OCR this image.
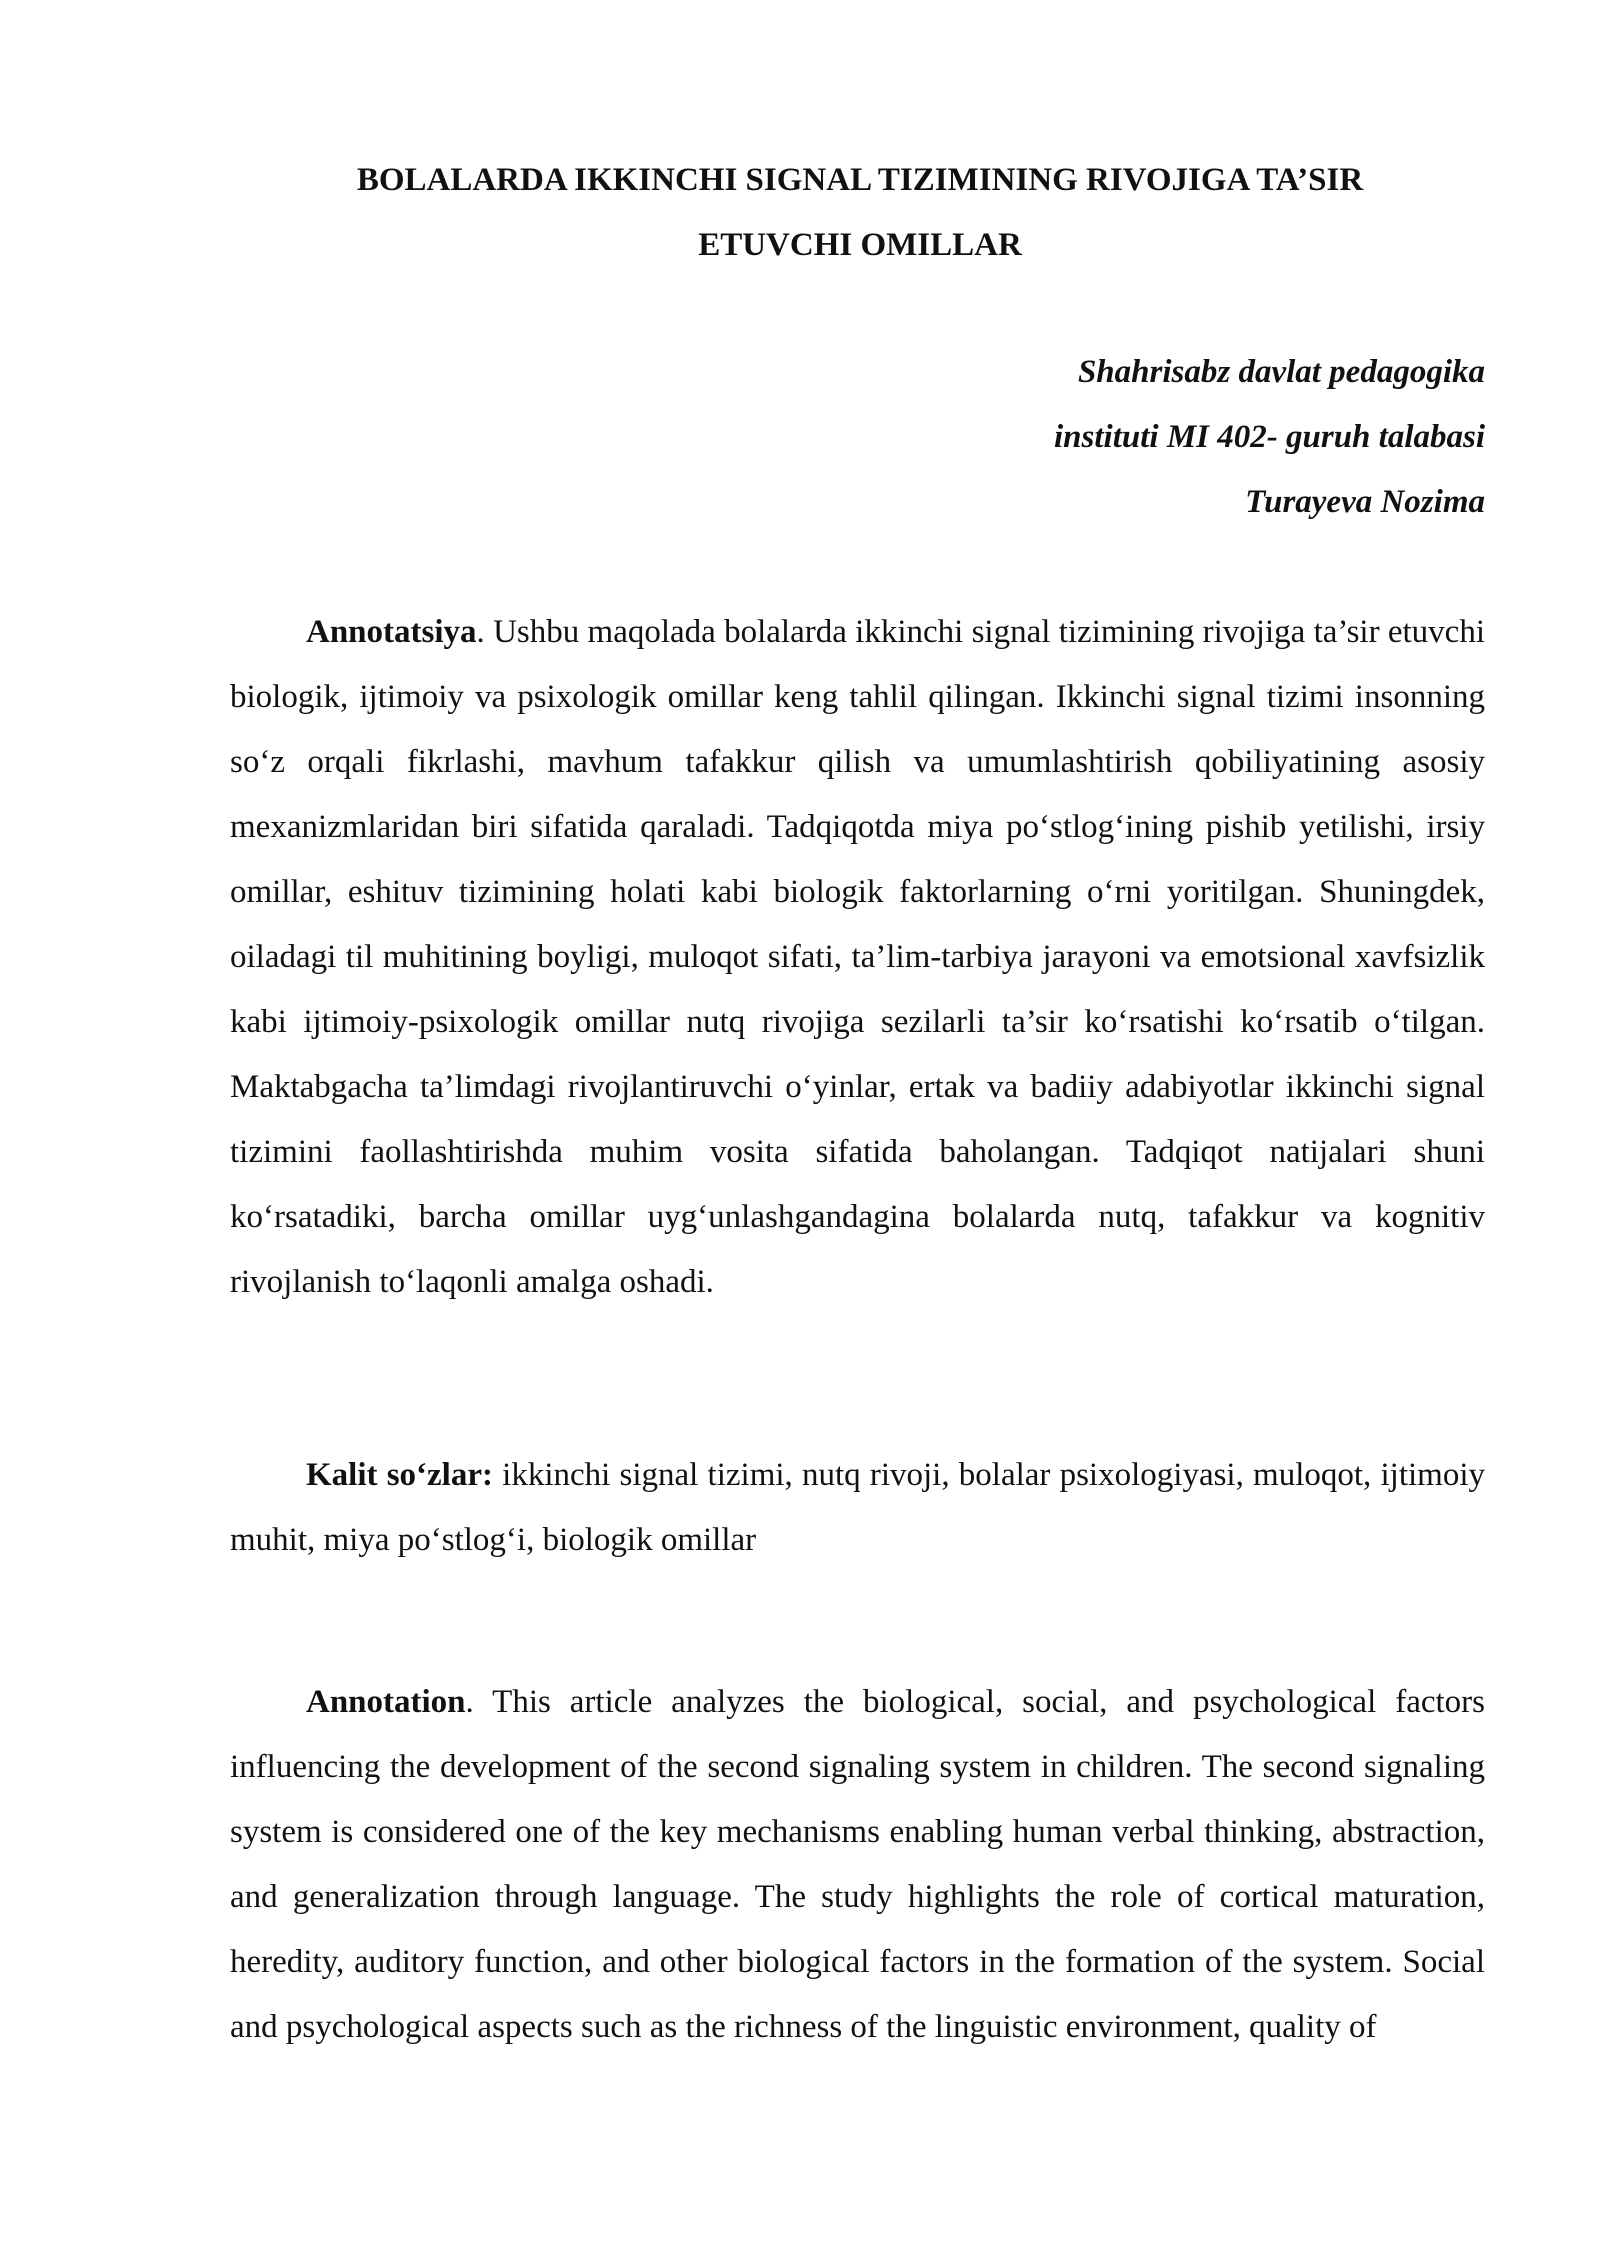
BOLALARDA IKKINCHI SIGNAL TIZIMINING RIVOJIGA TA’SIR
ETUVCHI OMILLAR
Shahrisabz davlat pedagogika
instituti MI 402- guruh talabasi
Turayeva Nozima

Annotatsiya. Ushbu maqolada bolalarda ikkinchi signal tizimining rivojiga ta’sir etuvchi biologik, ijtimoiy va psixologik omillar keng tahlil qilingan. Ikkinchi signal tizimi insonning so‘z orqali fikrlashi, mavhum tafakkur qilish va umumlashtirish qobiliyatining asosiy mexanizmlaridan biri sifatida qaraladi. Tadqiqotda miya po‘stlog‘ining pishib yetilishi, irsiy omillar, eshituv tizimining holati kabi biologik faktorlarning o‘rni yoritilgan. Shuningdek, oiladagi til muhitining boyligi, muloqot sifati, ta’lim-tarbiya jarayoni va emotsional xavfsizlik kabi ijtimoiy-psixologik omillar nutq rivojiga sezilarli ta’sir ko‘rsatishi ko‘rsatib o‘tilgan. Maktabgacha ta’limdagi rivojlantiruvchi o‘yinlar, ertak va badiiy adabiyotlar ikkinchi signal tizimini faollashtirishda muhim vosita sifatida baholangan. Tadqiqot natijalari shuni ko‘rsatadiki, barcha omillar uyg‘unlashgandagina bolalarda nutq, tafakkur va kognitiv rivojlanish to‘laqonli amalga oshadi.

Kalit so‘zlar: ikkinchi signal tizimi, nutq rivoji, bolalar psixologiyasi, muloqot, ijtimoiy muhit, miya po‘stlog‘i, biologik omillar

Annotation. This article analyzes the biological, social, and psychological factors influencing the development of the second signaling system in children. The second signaling system is considered one of the key mechanisms enabling human verbal thinking, abstraction, and generalization through language. The study highlights the role of cortical maturation, heredity, auditory function, and other biological factors in the formation of the system. Social and psychological aspects such as the richness of the linguistic environment, quality of
